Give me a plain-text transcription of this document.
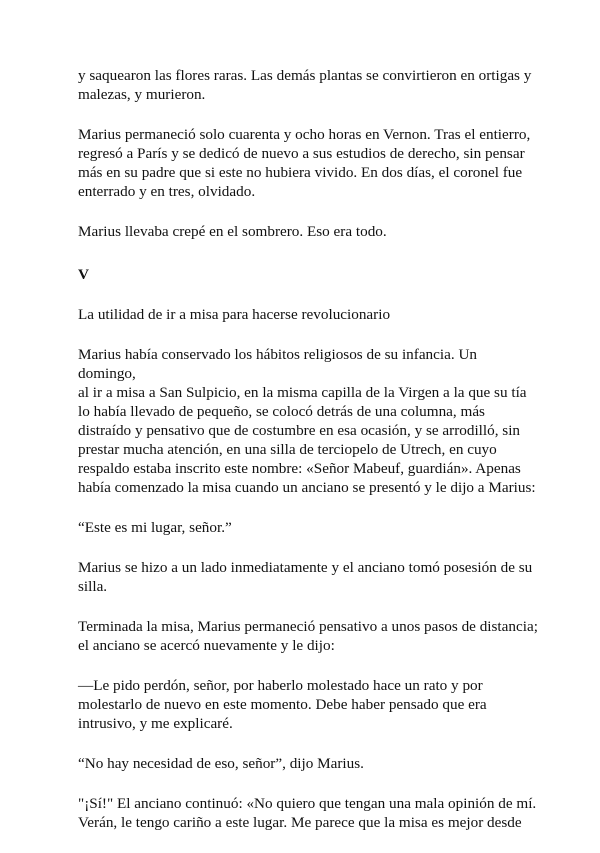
y saquearon las flores raras. Las demás plantas se convirtieron en ortigas y
malezas, y murieron.

Marius permaneció solo cuarenta y ocho horas en Vernon. Tras el entierro,
regresó a París y se dedicó de nuevo a sus estudios de derecho, sin pensar
más en su padre que si este no hubiera vivido. En dos días, el coronel fue
enterrado y en tres, olvidado.

Marius llevaba crepé en el sombrero. Eso era todo.

V

La utilidad de ir a misa para hacerse revolucionario

Marius había conservado los hábitos religiosos de su infancia. Un domingo,
al ir a misa a San Sulpicio, en la misma capilla de la Virgen a la que su tía
lo había llevado de pequeño, se colocó detrás de una columna, más
distraído y pensativo que de costumbre en esa ocasión, y se arrodilló, sin
prestar mucha atención, en una silla de terciopelo de Utrech, en cuyo
respaldo estaba inscrito este nombre: «Señor Mabeuf, guardián». Apenas
había comenzado la misa cuando un anciano se presentó y le dijo a Marius:

“Este es mi lugar, señor.”

Marius se hizo a un lado inmediatamente y el anciano tomó posesión de su
silla.

Terminada la misa, Marius permaneció pensativo a unos pasos de distancia;
el anciano se acercó nuevamente y le dijo:

—Le pido perdón, señor, por haberlo molestado hace un rato y por
molestarlo de nuevo en este momento. Debe haber pensado que era
intrusivo, y me explicaré.

“No hay necesidad de eso, señor”, dijo Marius.

"¡Sí!" El anciano continuó: «No quiero que tengan una mala opinión de mí.
Verán, le tengo cariño a este lugar. Me parece que la misa es mejor desde
